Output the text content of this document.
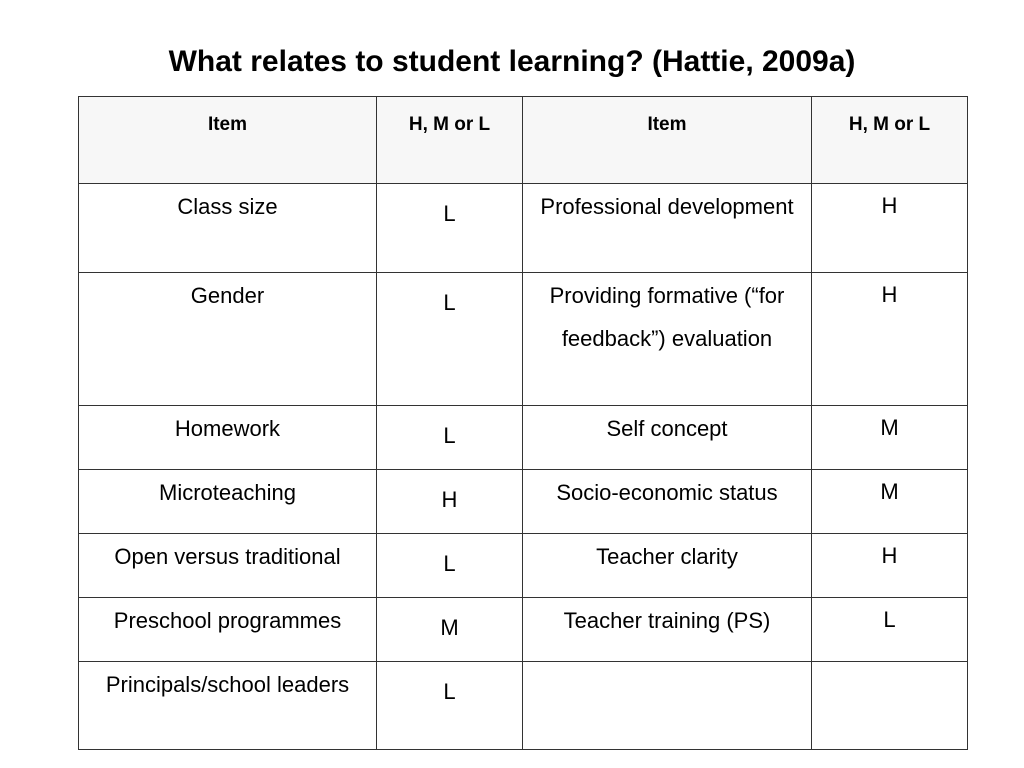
What relates to student learning? (Hattie, 2009a)
Item	H, M or L	Item	H, M or L
Class size	L	Professional development	H
Gender	L	Providing formative (“for feedback”) evaluation	H
Homework	L	Self concept	M
Microteaching	H	Socio-economic status	M
Open versus traditional	L	Teacher clarity	H
Preschool programmes	M	Teacher training (PS)	L
Principals/school leaders	L		
